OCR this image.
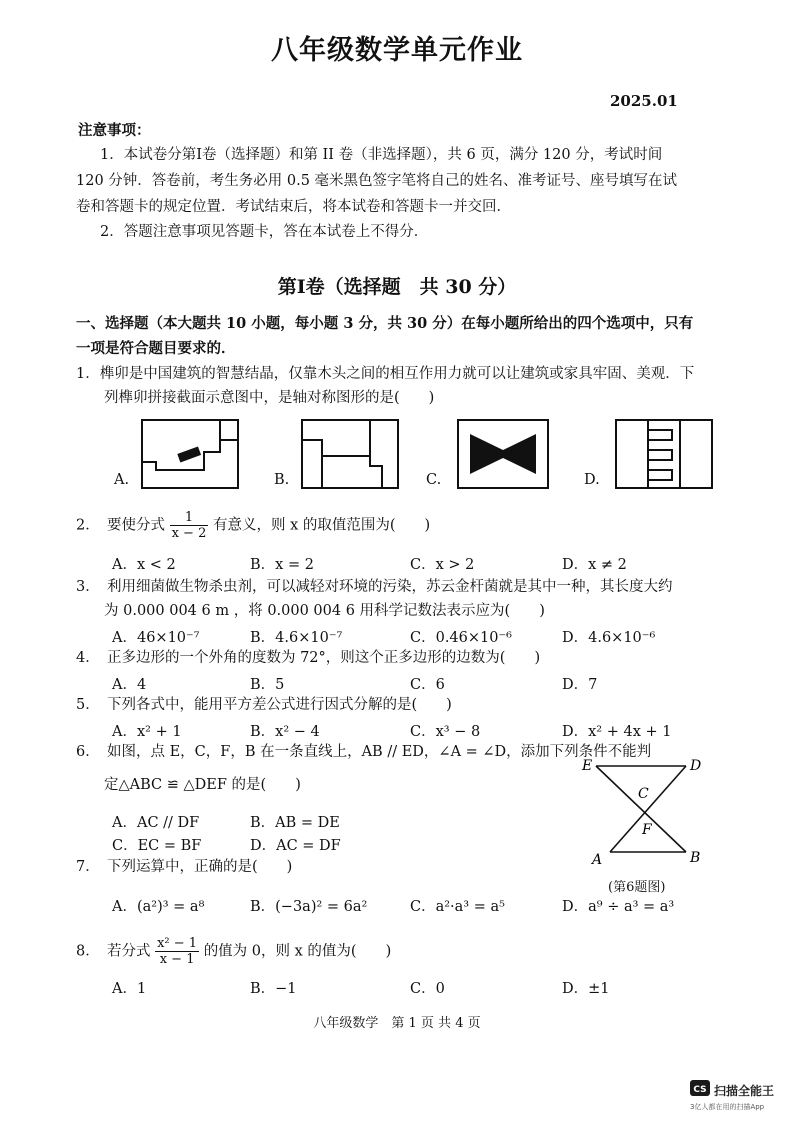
八年级数学单元作业
2025.01
注意事项：
1．本试卷分第Ⅰ卷（选择题）和第 II 卷（非选择题），共 6 页，满分 120 分，考试时间
120 分钟．答卷前，考生务必用 0.5 毫米黑色签字笔将自己的姓名、准考证号、座号填写在试
卷和答题卡的规定位置．考试结束后，将本试卷和答题卡一并交回．
2．答题注意事项见答题卡，答在本试卷上不得分．
第Ⅰ卷（选择题　共 30 分）
一、选择题（本大题共 10 小题，每小题 3 分，共 30 分）在每小题所给出的四个选项中，只有
一项是符合题目要求的．
1．榫卯是中国建筑的智慧结晶，仅靠木头之间的相互作用力就可以让建筑或家具牢固、美观．下
列榫卯拼接截面示意图中，是轴对称图形的是(　　)
A.	B.	C.	D.
2．　要使分式 $\frac{1}{x - 2}$ 有意义，则 x 的取值范围为(　　)
A．x < 2	B．x = 2	C．x > 2	D．x ≠ 2
3．　利用细菌做生物杀虫剂，可以减轻对环境的污染，苏云金杆菌就是其中一种，其长度大约
为 0.000 004 6 m ，将 0.000 004 6 用科学记数法表示应为(　　)
A．46×10⁻⁷	B．4.6×10⁻⁷	C．0.46×10⁻⁶	D．4.6×10⁻⁶
4．　正多边形的一个外角的度数为 72°，则这个正多边形的边数为(　　)
A．4	B．5	C．6	D．7
5．　下列各式中，能用平方差公式进行因式分解的是(　　)
A．x² + 1	B．x² − 4	C．x³ − 8	D．x² + 4x + 1
6．　如图，点 E，C，F，B 在一条直线上，AB // ED，∠A = ∠D，添加下列条件不能判
定△ABC ≌ △DEF 的是(　　)
A．AC // DF	B．AB = DE
C．EC = BF	D．AC = DF
E	D
C
F
A	B
(第6题图)
7．　下列运算中，正确的是(　　)
A．(a²)³ = a⁸	B．(−3a)² = 6a²	C．a²·a³ = a⁵	D．a⁹ ÷ a³ = a³
8．　若分式 $\frac{\text{x² − 1}}{x - 1}$ 的值为 0，则 x 的值为(　　)
A．1	B．−1	C．0	D．±1
八年级数学　第 1 页 共 4 页
CS 扫描全能王
3亿人都在用的扫描App
